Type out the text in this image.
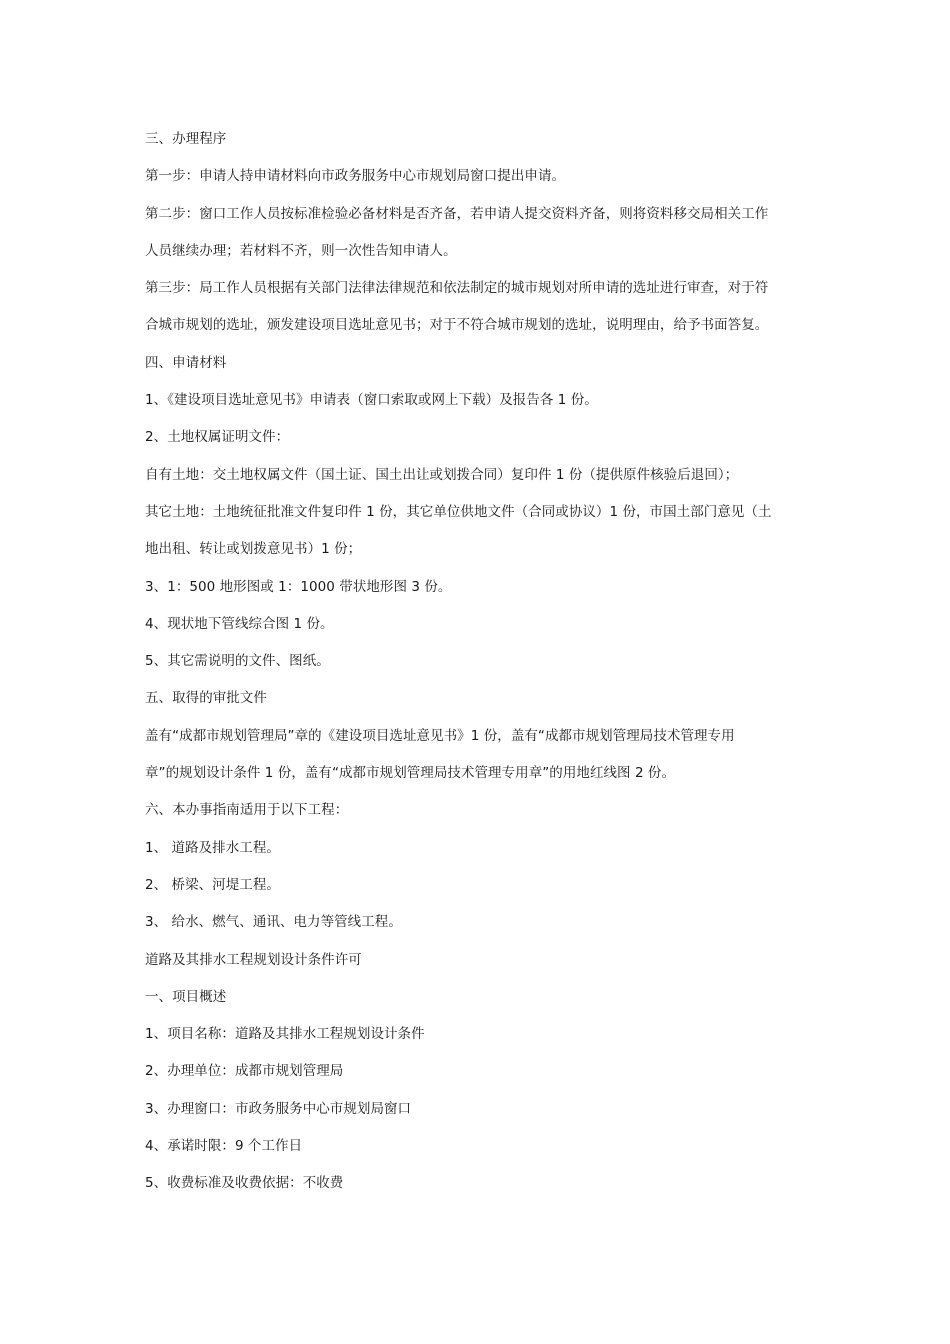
三、办理程序
第一步：申请人持申请材料向市政务服务中心市规划局窗口提出申请。
第二步：窗口工作人员按标准检验必备材料是否齐备，若申请人提交资料齐备，则将资料移交局相关工作
人员继续办理；若材料不齐，则一次性告知申请人。
第三步：局工作人员根据有关部门法律法律规范和依法制定的城市规划对所申请的选址进行审查，对于符
合城市规划的选址，颁发建设项目选址意见书；对于不符合城市规划的选址，说明理由，给予书面答复。
四、申请材料
1、《建设项目选址意见书》申请表（窗口索取或网上下载）及报告各 1 份。
2、土地权属证明文件：
自有土地：交土地权属文件（国土证、国土出让或划拨合同）复印件 1 份（提供原件核验后退回）；
其它土地：土地统征批准文件复印件 1 份，其它单位供地文件（合同或协议）1 份，市国土部门意见（土
地出租、转让或划拨意见书）1 份；
3、1：500 地形图或 1：1000 带状地形图 3 份。
4、现状地下管线综合图 1 份。
5、其它需说明的文件、图纸。
五、取得的审批文件
盖有“成都市规划管理局”章的《建设项目选址意见书》1 份，盖有“成都市规划管理局技术管理专用
章”的规划设计条件 1 份，盖有“成都市规划管理局技术管理专用章”的用地红线图 2 份。
六、本办事指南适用于以下工程：
1、 道路及排水工程。
2、 桥梁、河堤工程。
3、 给水、燃气、通讯、电力等管线工程。
道路及其排水工程规划设计条件许可
一、项目概述
1、项目名称：道路及其排水工程规划设计条件
2、办理单位：成都市规划管理局
3、办理窗口：市政务服务中心市规划局窗口
4、承诺时限：9 个工作日
5、收费标准及收费依据：不收费
